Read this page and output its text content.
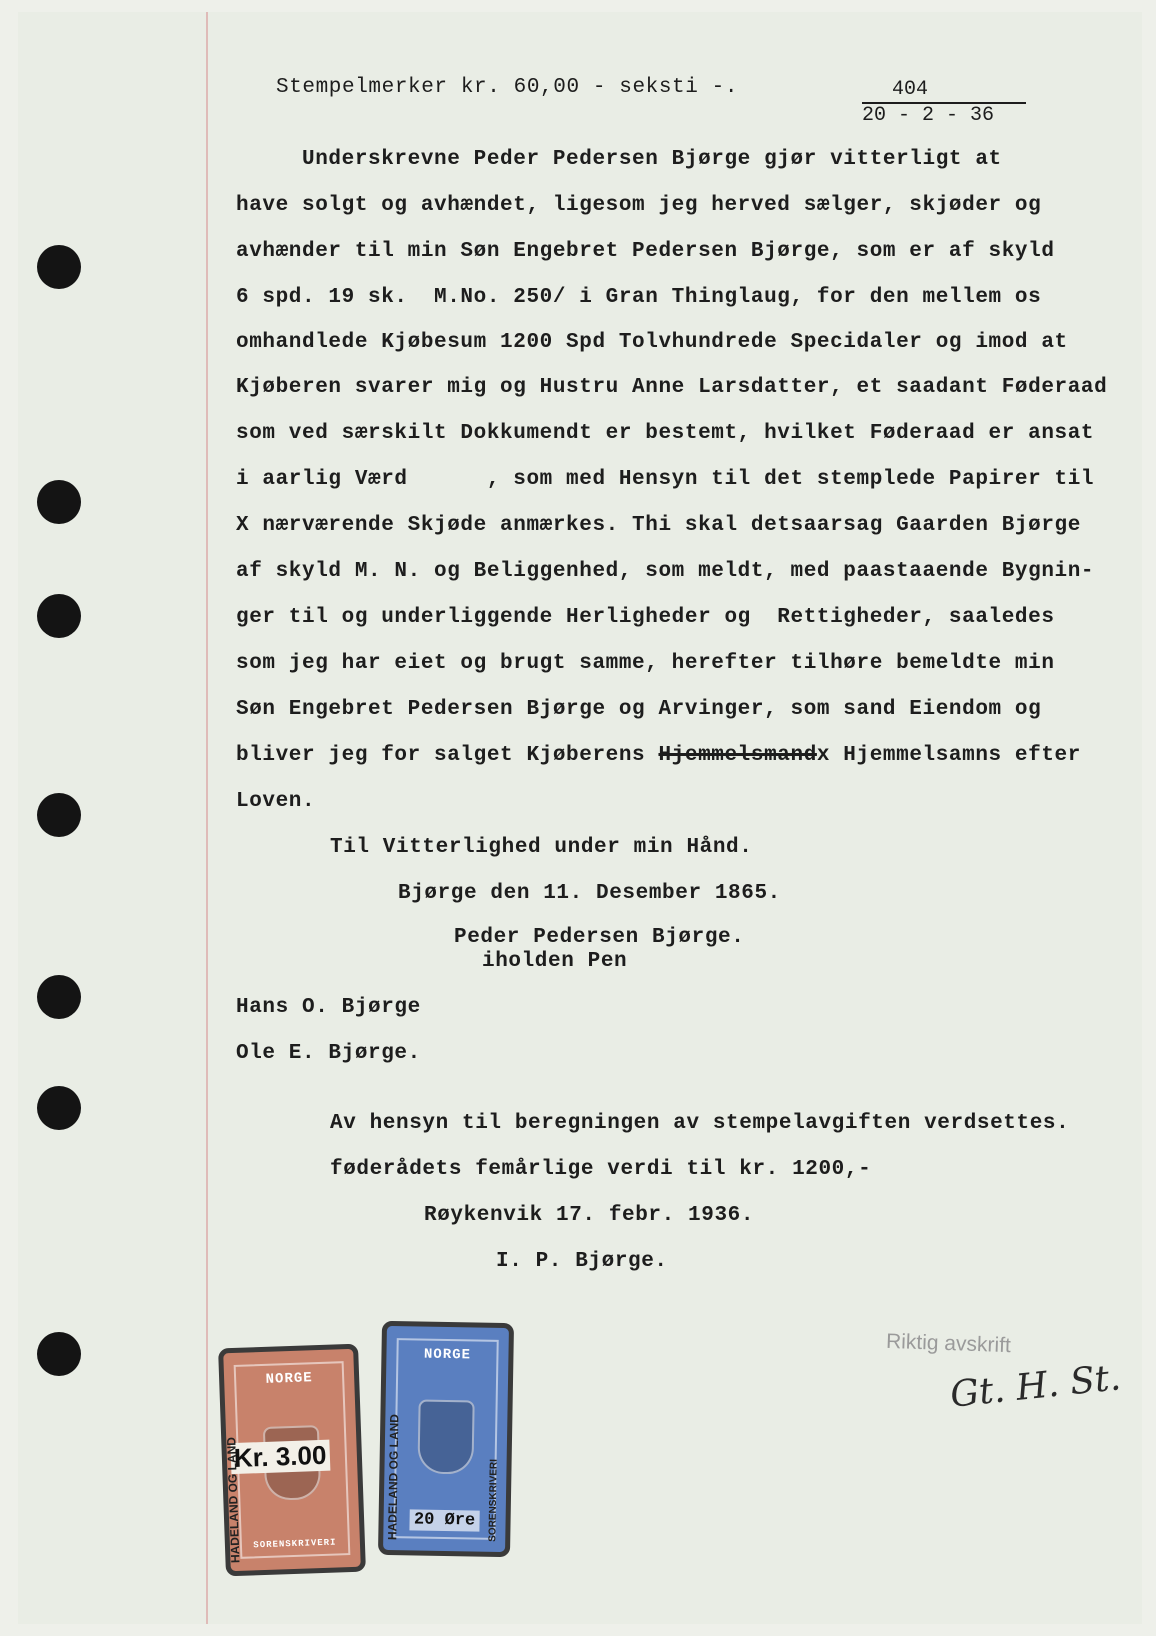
Stempelmerker kr. 60,00 - seksti -.	404
20 - 2 - 36
Underskrevne Peder Pedersen Bjørge gjør vitterligt at
have solgt og avhændet, ligesom jeg herved sælger, skjøder og
avhænder til min Søn Engebret Pedersen Bjørge, som er af skyld
6 spd. 19 sk.  M.No. 250/ i Gran Thinglaug, for den mellem os
omhandlede Kjøbesum 1200 Spd Tolvhundrede Specidaler og imod at
Kjøberen svarer mig og Hustru Anne Larsdatter, et saadant Føderaad
som ved særskilt Dokkumendt er bestemt, hvilket Føderaad er ansat
i aarlig Værd      , som med Hensyn til det stemplede Papirer til
X nærværende Skjøde anmærkes. Thi skal detsaarsag Gaarden Bjørge
af skyld M. N. og Beliggenhed, som meldt, med paastaaende Bygnin-
ger til og underliggende Herligheder og  Rettigheder, saaledes
som jeg har eiet og brugt samme, herefter tilhøre bemeldte min
Søn Engebret Pedersen Bjørge og Arvinger, som sand Eiendom og
bliver jeg for salget Kjøberens Hjemmelsmandx Hjemmelsamns efter
Loven.
Til Vitterlighed under min Hånd.
Bjørge den 11. Desember 1865.
Peder Pedersen Bjørge.
iholden Pen
Hans O. Bjørge
Ole E. Bjørge.
Av hensyn til beregningen av stempelavgiften verdsettes.
føderådets femårlige verdi til kr. 1200,-
Røykenvik 17. febr. 1936.
I. P. Bjørge.
NORGE
SORENSKRIVERI
Kr. 3.00
HADELAND OG LAND
NORGE
20 Øre
HADELAND OG LAND	SORENSKRIVERI
Riktig avskrift
Gt. H. St.
